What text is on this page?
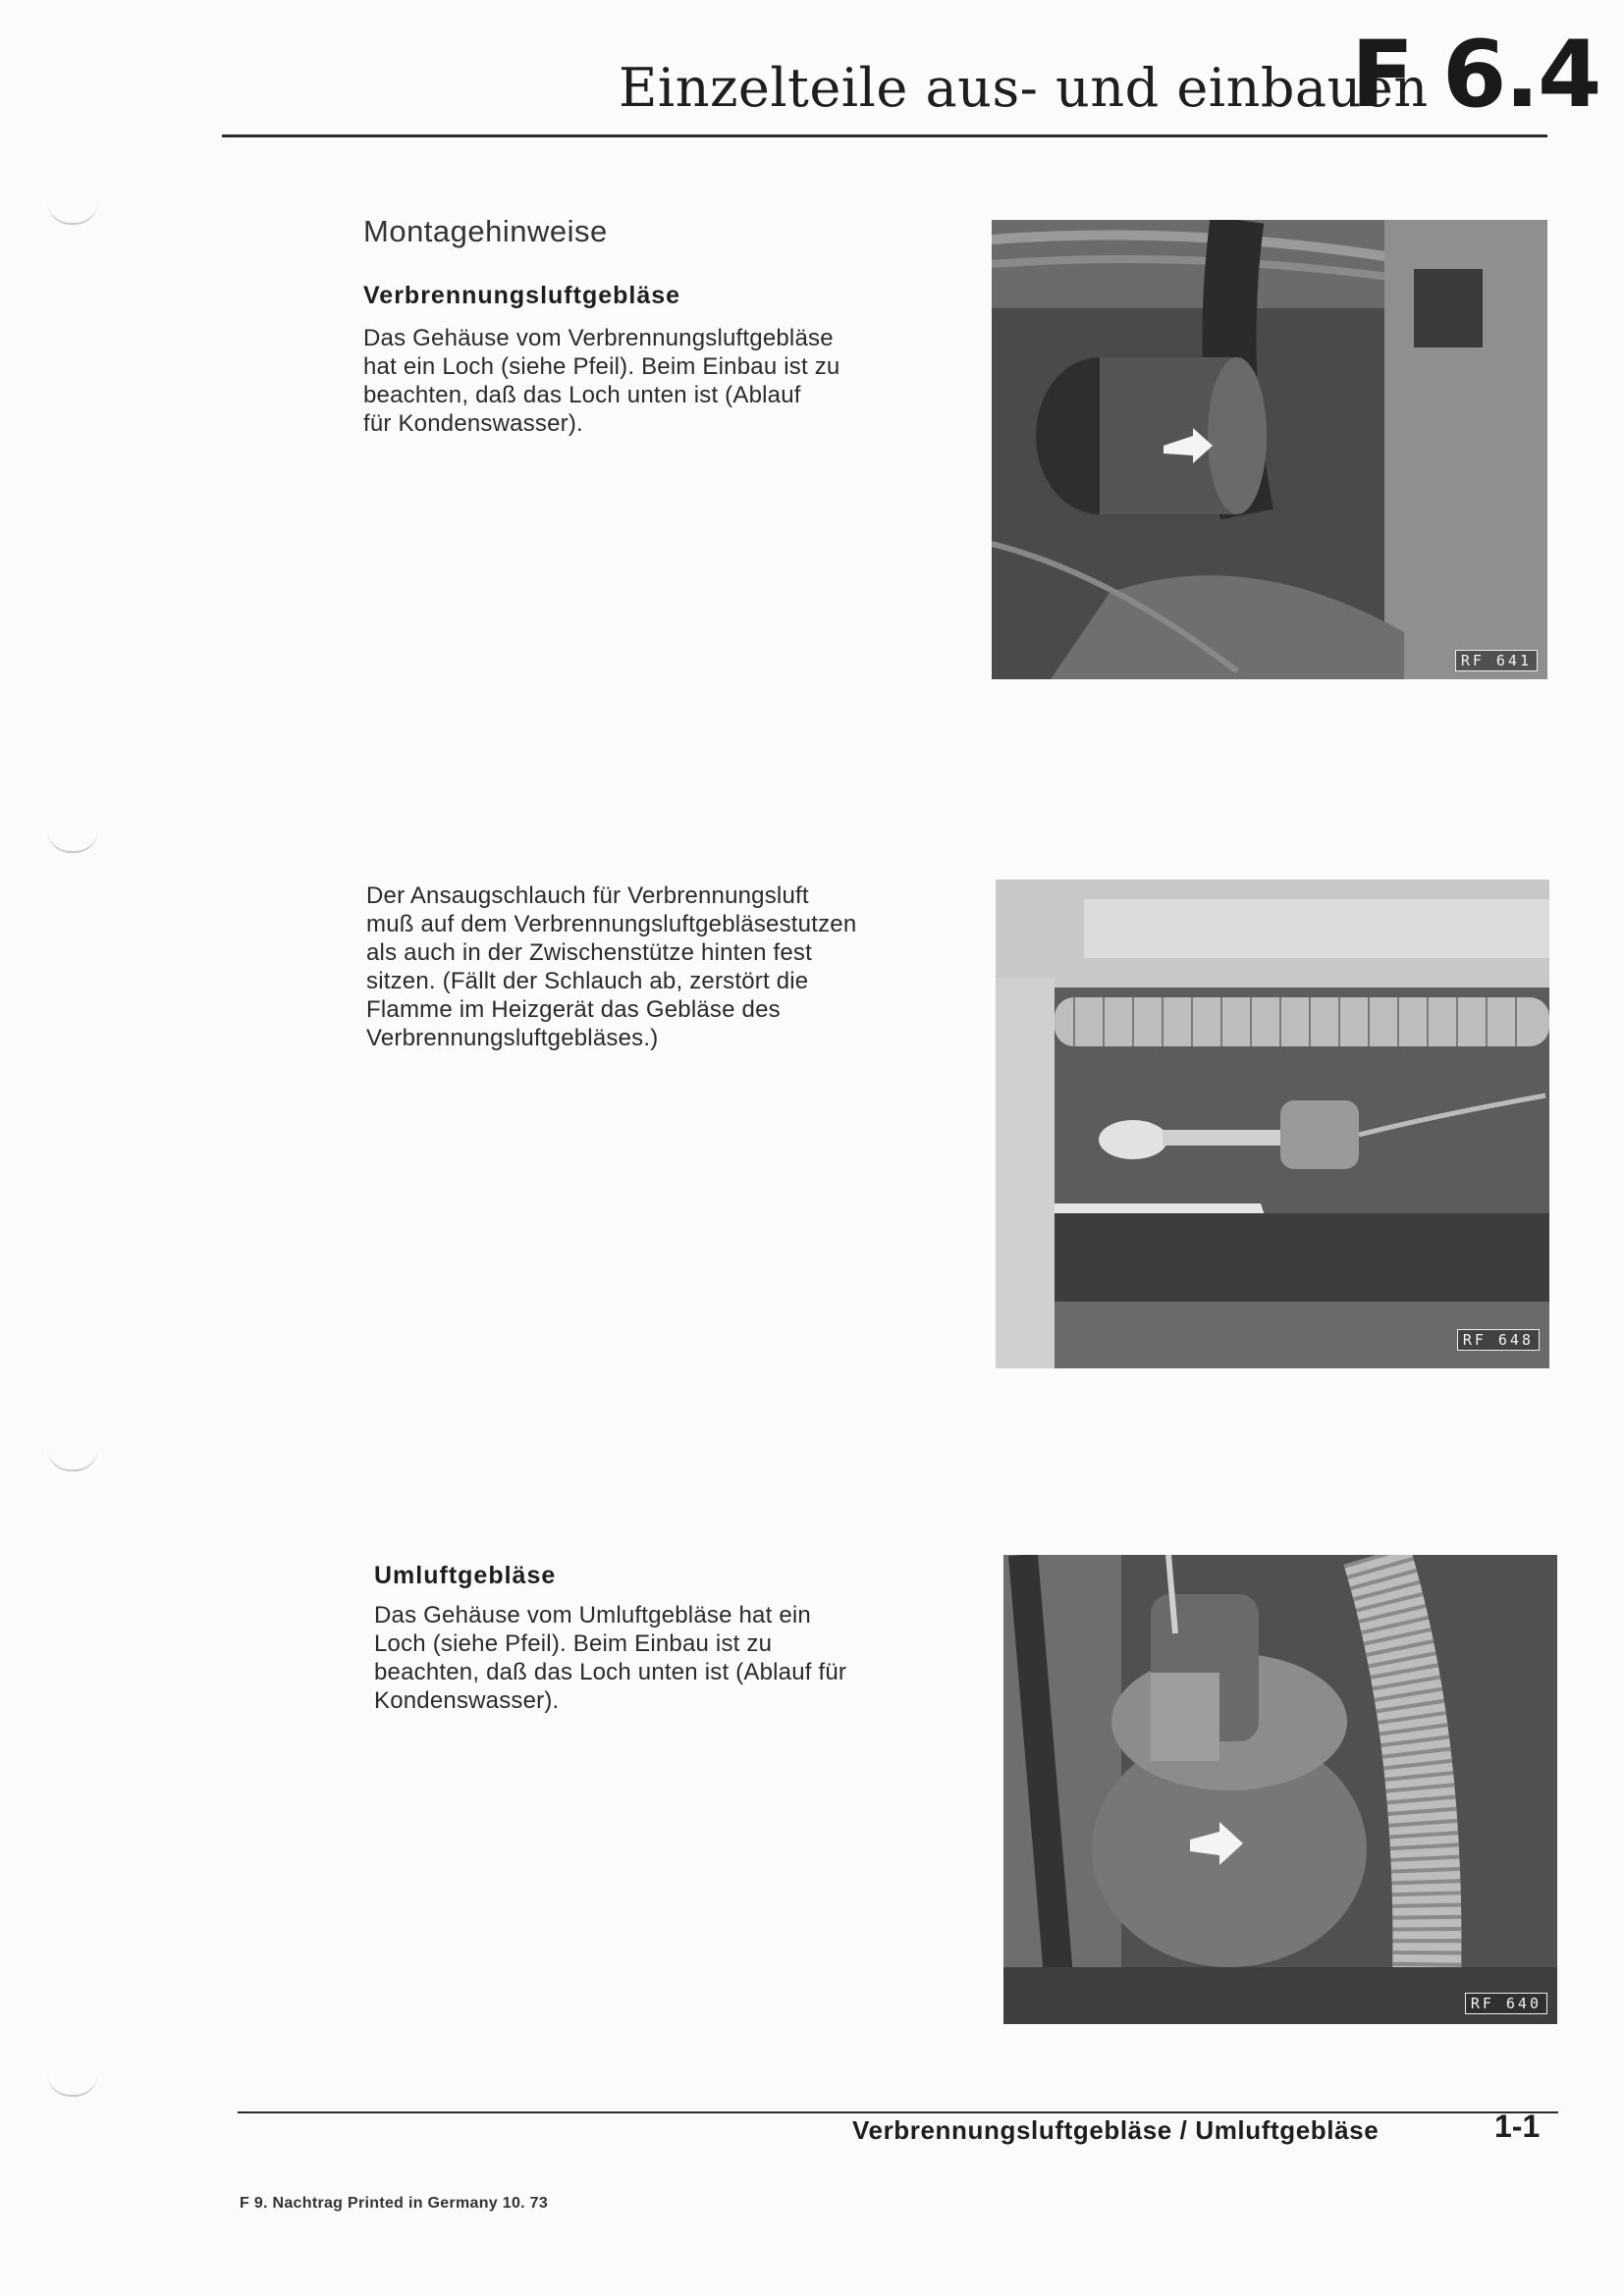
Einzelteile aus- und einbauen
F 6.4
Montagehinweise
Verbrennungsluftgebläse
Das Gehäuse vom Verbrennungsluftgebläse
hat ein Loch (siehe Pfeil). Beim Einbau ist zu
beachten, daß das Loch unten ist (Ablauf
für Kondenswasser).
RF 641
Der Ansaugschlauch für Verbrennungsluft
muß auf dem Verbrennungsluftgebläsestutzen
als auch in der Zwischenstütze hinten fest
sitzen. (Fällt der Schlauch ab, zerstört die
Flamme im Heizgerät das Gebläse des
Verbrennungsluftgebläses.)
RF 648
Umluftgebläse
Das Gehäuse vom Umluftgebläse hat ein
Loch (siehe Pfeil). Beim Einbau ist zu
beachten, daß das Loch unten ist (Ablauf für
Kondenswasser).
RF 640
Verbrennungsluftgebläse / Umluftgebläse	1-1
F 9. Nachtrag Printed in Germany 10. 73
